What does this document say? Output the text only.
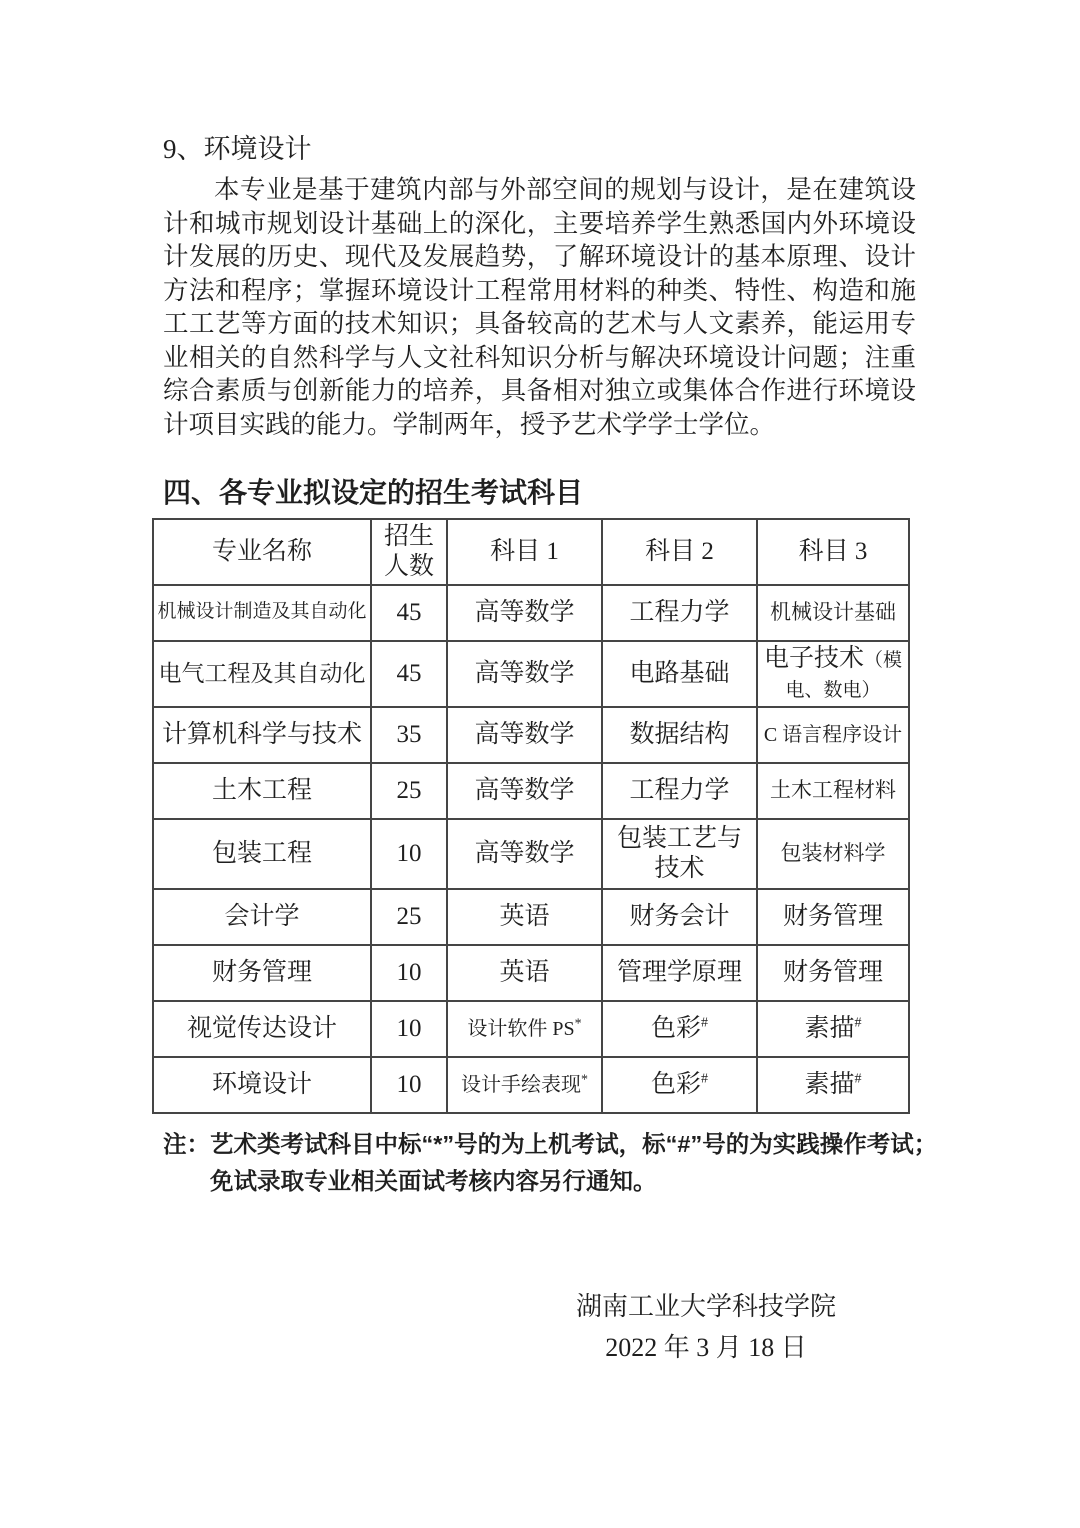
9、环境设计
本专业是基于建筑内部与外部空间的规划与设计，是在建筑设计和城市规划设计基础上的深化，主要培养学生熟悉国内外环境设计发展的历史、现代及发展趋势，了解环境设计的基本原理、设计方法和程序；掌握环境设计工程常用材料的种类、特性、构造和施工工艺等方面的技术知识；具备较高的艺术与人文素养，能运用专业相关的自然科学与人文社科知识分析与解决环境设计问题；注重综合素质与创新能力的培养，具备相对独立或集体合作进行环境设计项目实践的能力。学制两年，授予艺术学学士学位。
四、各专业拟设定的招生考试科目
专业名称	招生人数	科目 1	科目 2	科目 3
机械设计制造及其自动化	45	高等数学	工程力学	机械设计基础
电气工程及其自动化	45	高等数学	电路基础	电子技术（模电、数电）
计算机科学与技术	35	高等数学	数据结构	C 语言程序设计
土木工程	25	高等数学	工程力学	土木工程材料
包装工程	10	高等数学	包装工艺与技术	包装材料学
会计学	25	英语	财务会计	财务管理
财务管理	10	英语	管理学原理	财务管理
视觉传达设计	10	设计软件 PS*	色彩#	素描#
环境设计	10	设计手绘表现*	色彩#	素描#
注： 艺术类考试科目中标“*”号的为上机考试，标“#”号的为实践操作考试；
免试录取专业相关面试考核内容另行通知。
湖南工业大学科技学院
2022 年 3 月 18 日
